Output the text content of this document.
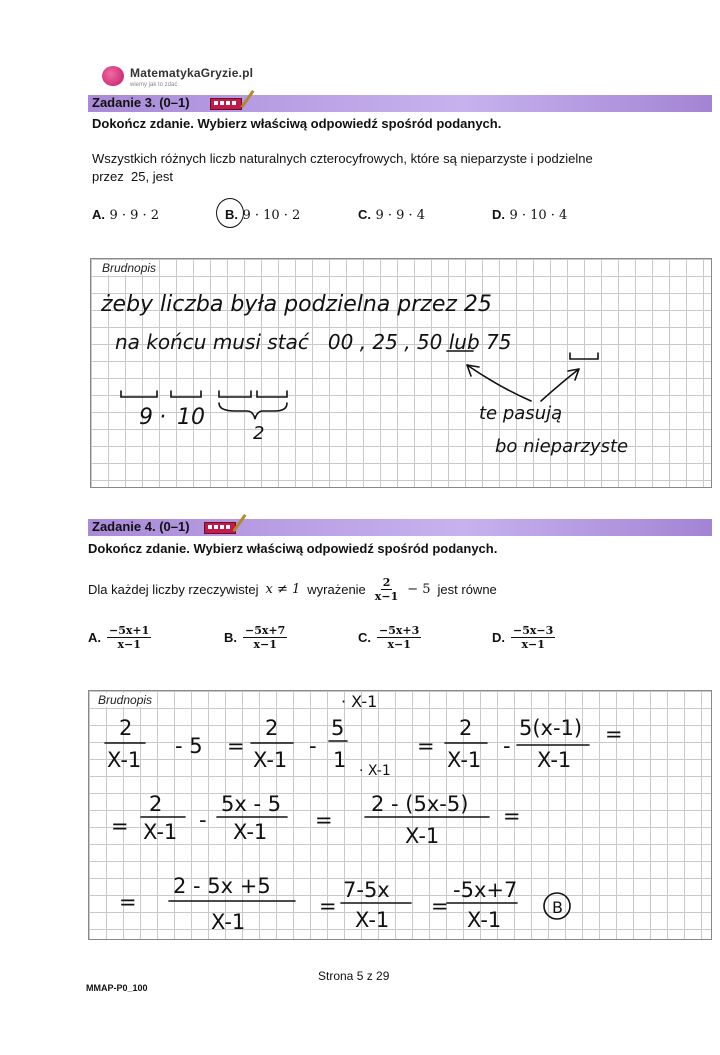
MatematykaGryzie.pl
wiemy jak to zdać
Zadanie 3. (0–1)
Dokończ zdanie. Wybierz właściwą odpowiedź spośród podanych.
Wszystkich różnych liczb naturalnych czterocyfrowych, które są nieparzyste i podzielne
przez  25, jest
A. 9 · 9 · 2	B. 9 · 10 · 2	C. 9 · 9 · 4	D. 9 · 10 · 4
Brudnopis
żeby liczba była podzielna przez 25
na końcu musi stać   00 , 25 , 50 lub 75
9 · 10
2
te pasują
bo nieparzyste
Zadanie 4. (0–1)
Dokończ zdanie. Wybierz właściwą odpowiedź spośród podanych.
Dla każdej liczby rzeczywistej x ≠ 1 wyrażenie $\frac{2}{x-1} - 5$ jest równe
A. $\frac{-5x+1}{x-1}$	B. $\frac{-5x+7}{x-1}$	C. $\frac{-5x+3}{x-1}$	D. $\frac{-5x-3}{x-1}$
Brudnopis	· X-1
· X-1
2
X-1
- 5 =
2
X-1
-
5
1
=
2
X-1
-
5(x-1)
X-1
=
=
2
X-1 -
5x - 5
X-1 =
2 - (5x-5)
X-1
=
=
2 - 5x +5
X-1
=
7-5x
X-1
=
-5x+7
X-1
B
Strona 5 z 29
MMAP-P0_100
